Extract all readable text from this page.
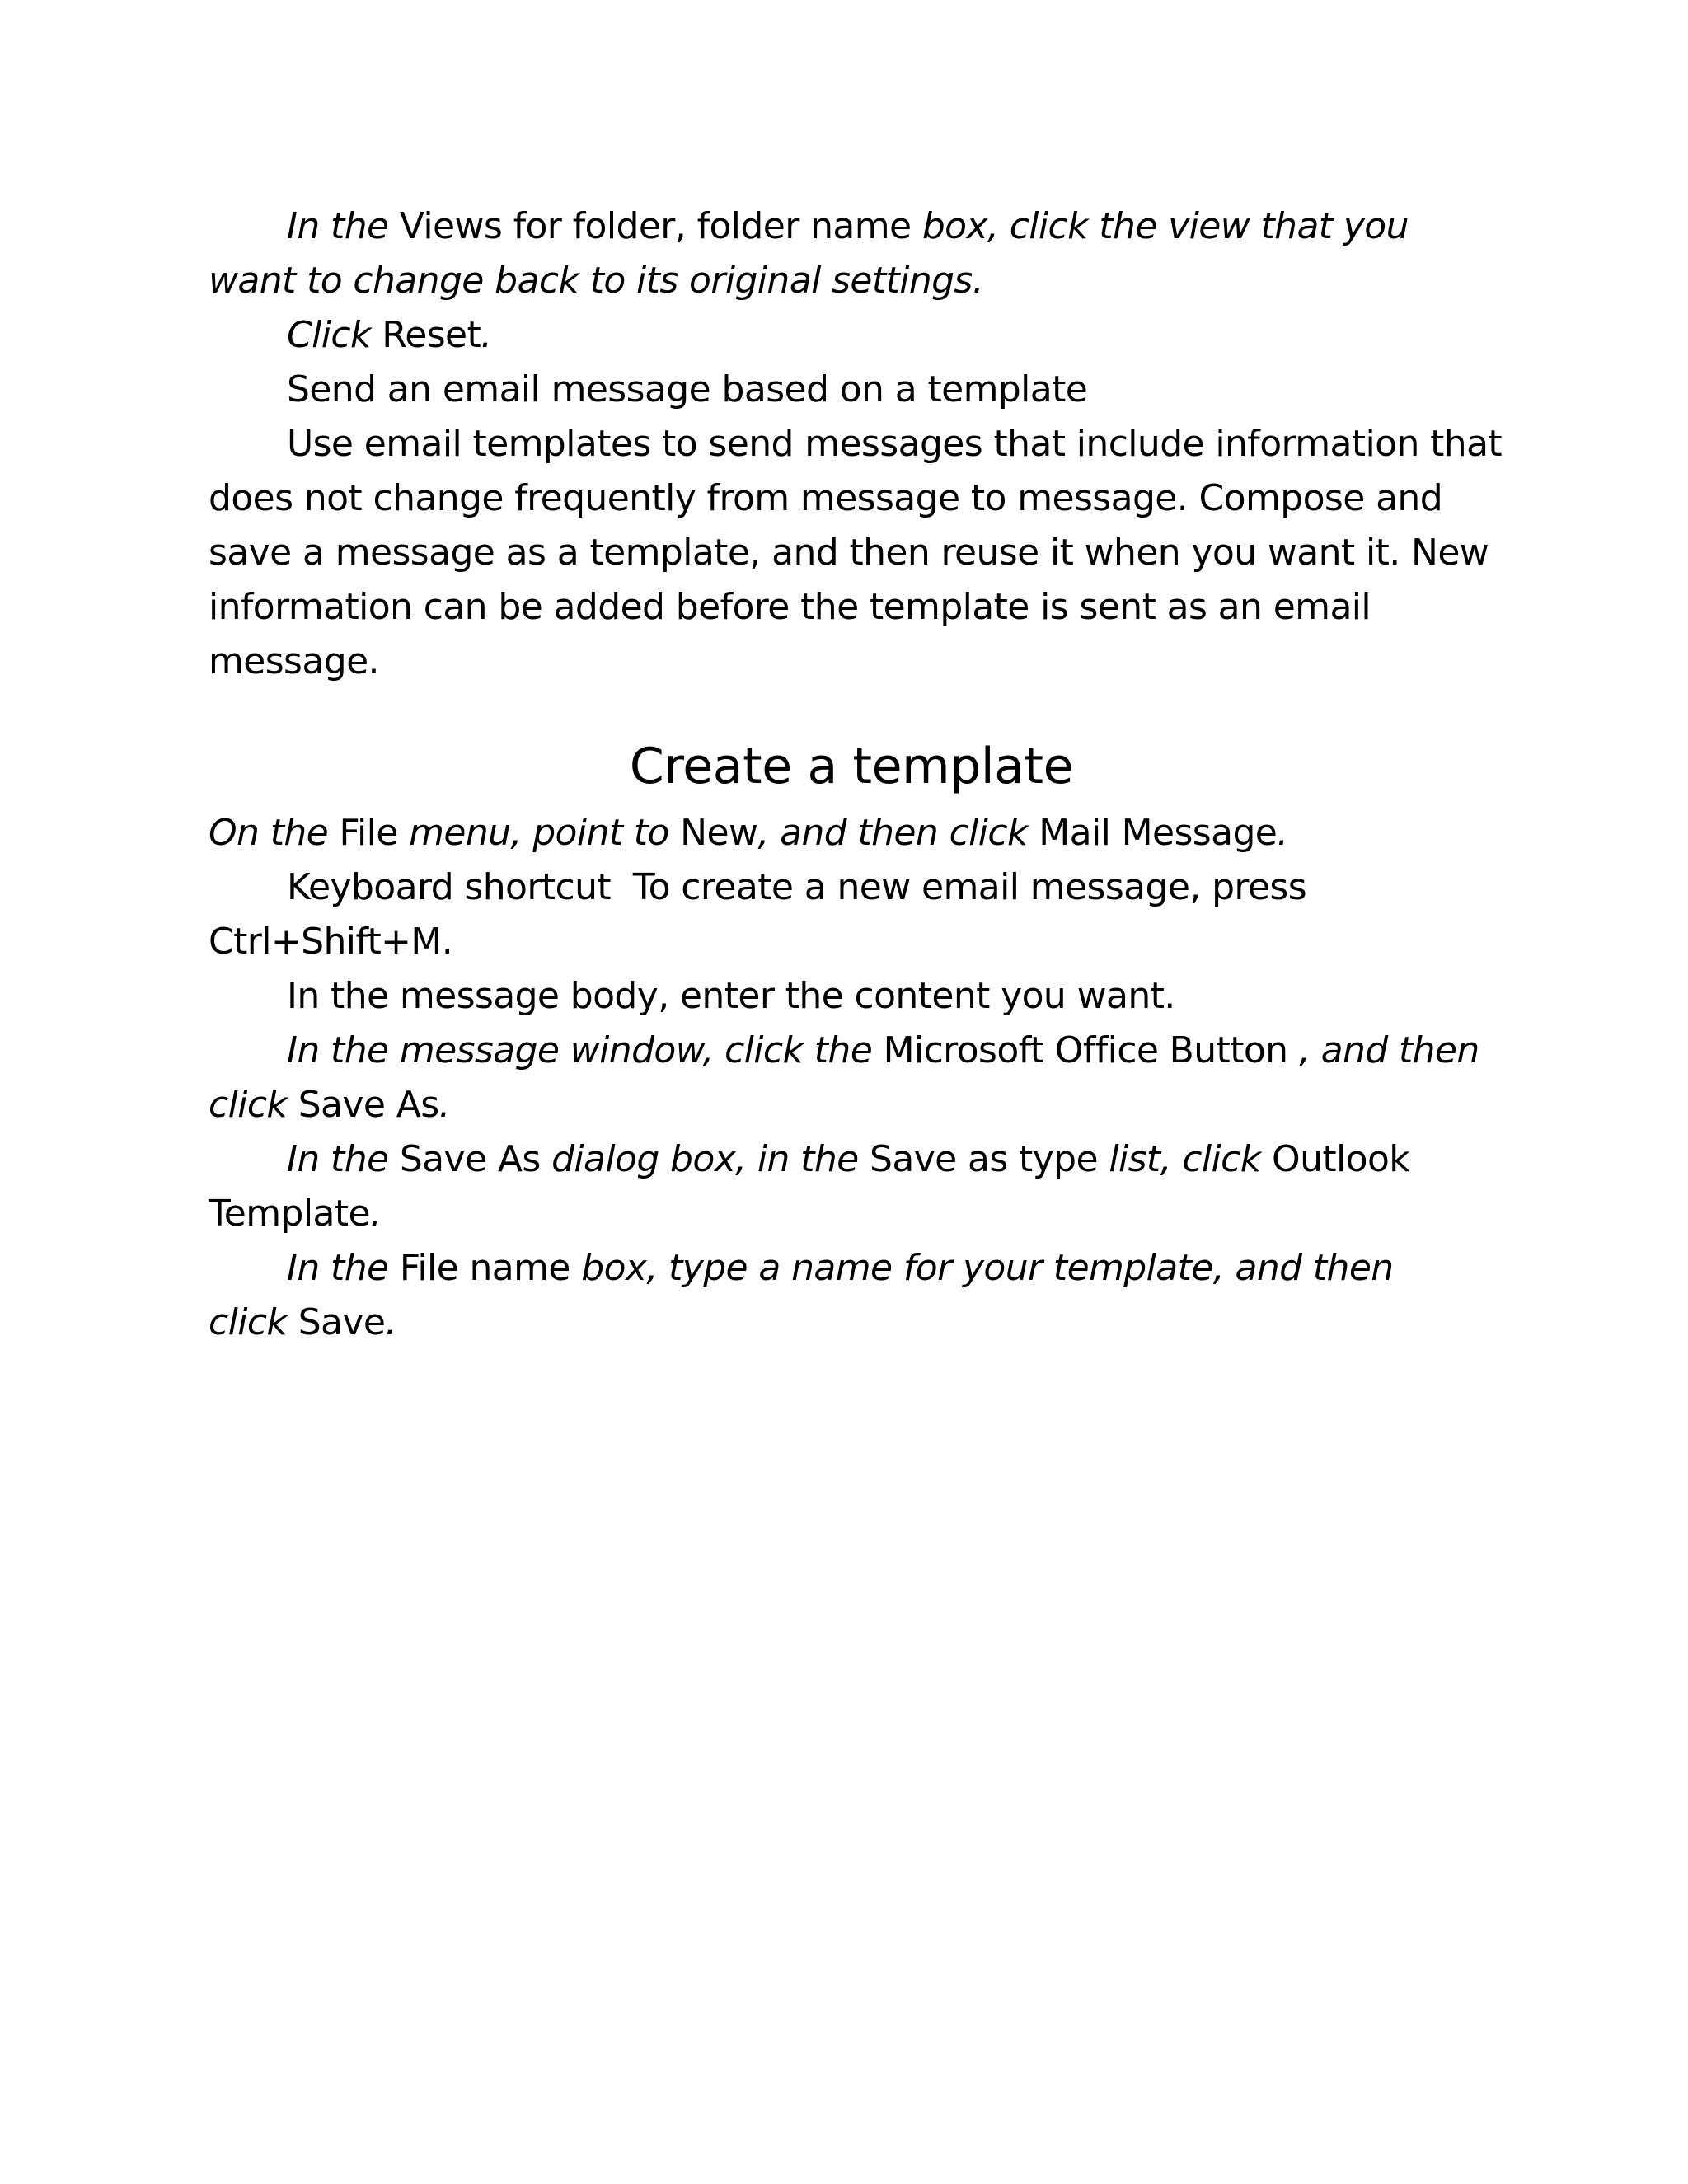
In the Views for folder, folder name box, click the view that you
want to change back to its original settings.
Click Reset.
Send an email message based on a template
Use email templates to send messages that include information that
does not change frequently from message to message. Compose and
save a message as a template, and then reuse it when you want it. New
information can be added before the template is sent as an email
message.
Create a template
On the File menu, point to New, and then click Mail Message.
Keyboard shortcut  To create a new email message, press
Ctrl+Shift+M.
In the message body, enter the content you want.
In the message window, click the Microsoft Office Button , and then
click Save As.
In the Save As dialog box, in the Save as type list, click Outlook
Template.
In the File name box, type a name for your template, and then
click Save.
